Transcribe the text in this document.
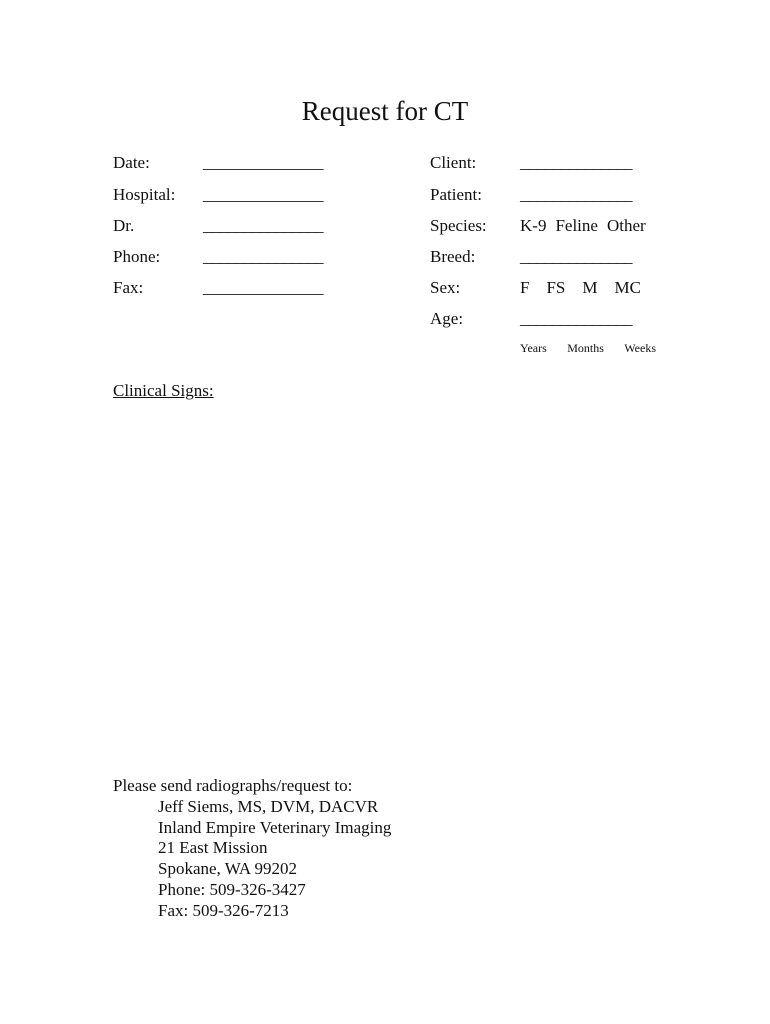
Request for CT
Date:	_______________
Hospital: _______________
Dr.	_______________
Phone:	_______________
Fax:	_______________
Client:	______________
Patient: ______________
Species: K-9 Feline Other
Breed:	______________
Sex:	F FS M MC
Age:	______________
Years Months Weeks
Clinical Signs:
Please send radiographs/request to:
Jeff Siems, MS, DVM, DACVR
Inland Empire Veterinary Imaging
21 East Mission
Spokane, WA 99202
Phone: 509-326-3427
Fax: 509-326-7213
